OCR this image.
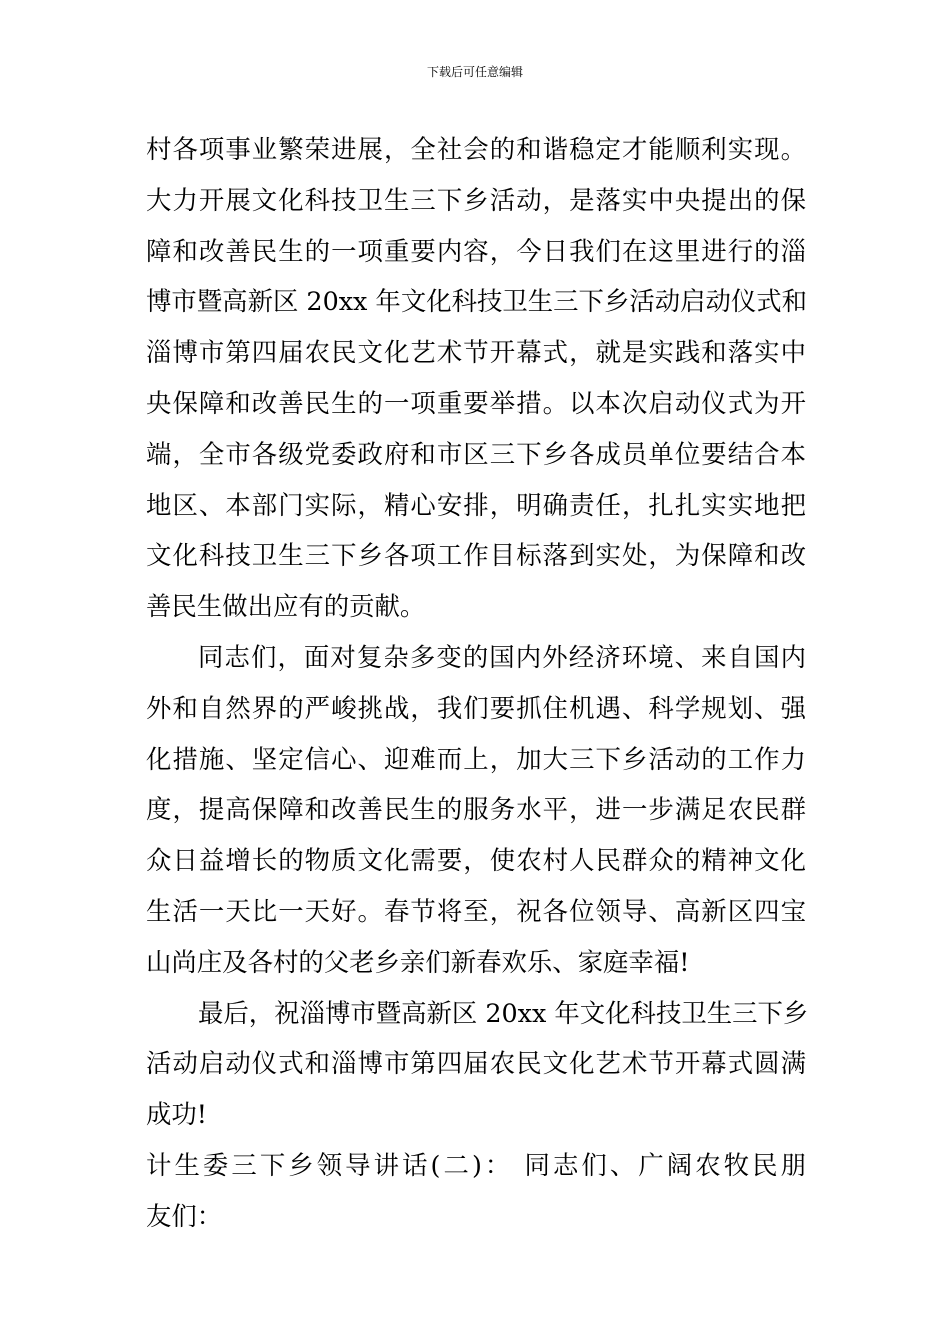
下载后可任意编辑
村各项事业繁荣进展，全社会的和谐稳定才能顺利实现。
大力开展文化科技卫生三下乡活动，是落实中央提出的保
障和改善民生的一项重要内容，今日我们在这里进行的淄
博市暨高新区 20xx 年文化科技卫生三下乡活动启动仪式和
淄博市第四届农民文化艺术节开幕式，就是实践和落实中
央保障和改善民生的一项重要举措。以本次启动仪式为开
端，全市各级党委政府和市区三下乡各成员单位要结合本
地区、本部门实际，精心安排，明确责任，扎扎实实地把
文化科技卫生三下乡各项工作目标落到实处，为保障和改
善民生做出应有的贡献。
同志们，面对复杂多变的国内外经济环境、来自国内
外和自然界的严峻挑战，我们要抓住机遇、科学规划、强
化措施、坚定信心、迎难而上，加大三下乡活动的工作力
度，提高保障和改善民生的服务水平，进一步满足农民群
众日益增长的物质文化需要，使农村人民群众的精神文化
生活一天比一天好。春节将至，祝各位领导、高新区四宝
山尚庄及各村的父老乡亲们新春欢乐、家庭幸福!
最后，祝淄博市暨高新区 20xx 年文化科技卫生三下乡
活动启动仪式和淄博市第四届农民文化艺术节开幕式圆满
成功!
计生委三下乡领导讲话(二)： 同志们、广阔农牧民朋
友们：
